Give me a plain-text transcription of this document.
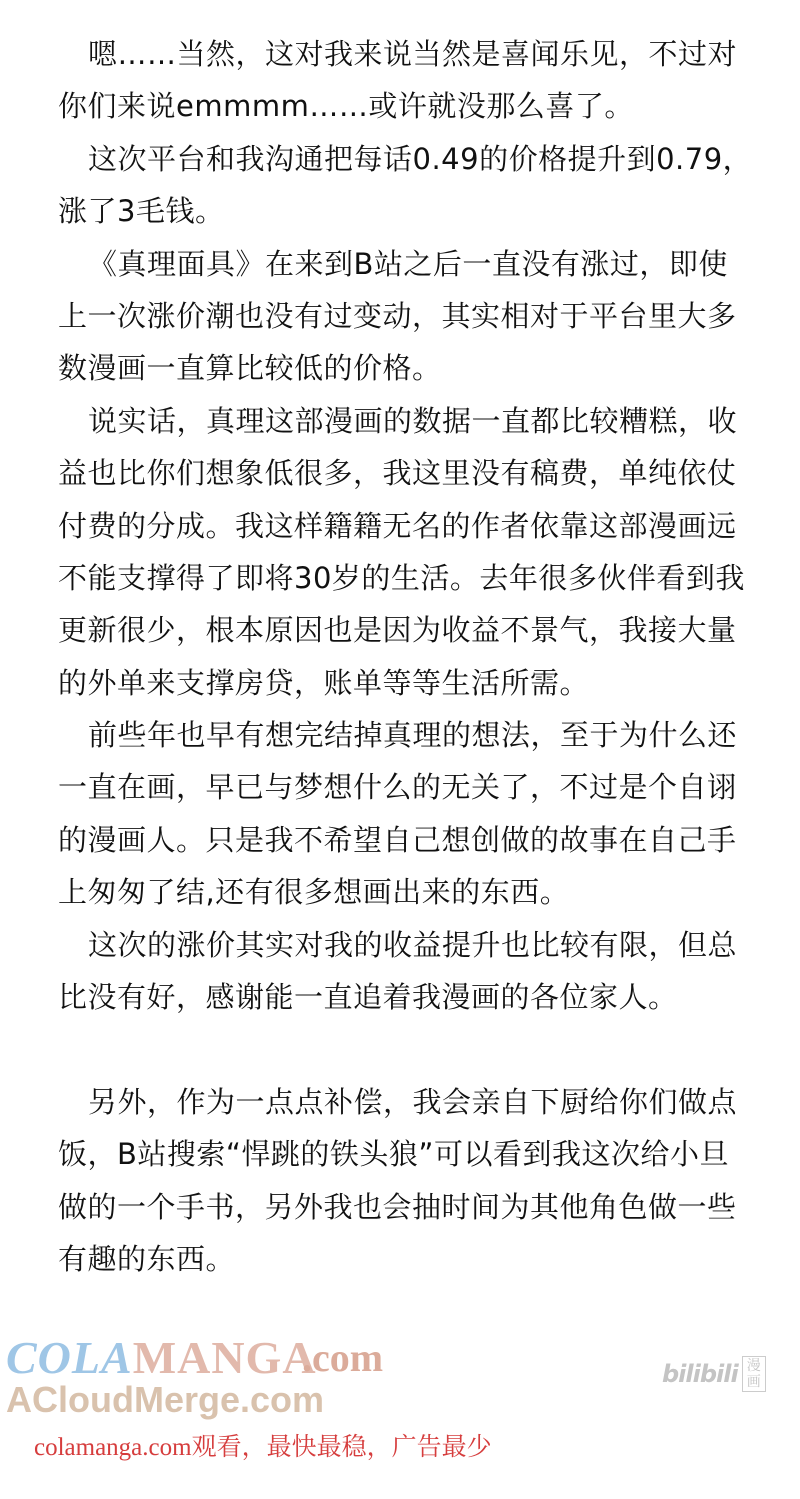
嗯……当然，这对我来说当然是喜闻乐见，不过对
你们来说emmmm……或许就没那么喜了。
这次平台和我沟通把每话0.49的价格提升到0.79，
涨了3毛钱。
《真理面具》在来到B站之后一直没有涨过，即使
上一次涨价潮也没有过变动，其实相对于平台里大多
数漫画一直算比较低的价格。
说实话，真理这部漫画的数据一直都比较糟糕，收
益也比你们想象低很多，我这里没有稿费，单纯依仗
付费的分成。我这样籍籍无名的作者依靠这部漫画远
不能支撑得了即将30岁的生活。去年很多伙伴看到我
更新很少，根本原因也是因为收益不景气，我接大量
的外单来支撑房贷，账单等等生活所需。
前些年也早有想完结掉真理的想法，至于为什么还
一直在画，早已与梦想什么的无关了，不过是个自诩
的漫画人。只是我不希望自己想创做的故事在自己手
上匆匆了结,还有很多想画出来的东西。
这次的涨价其实对我的收益提升也比较有限，但总
比没有好，感谢能一直追着我漫画的各位家人。
另外，作为一点点补偿，我会亲自下厨给你们做点
饭，B站搜索“悍跳的铁头狼”可以看到我这次给小旦
做的一个手书，另外我也会抽时间为其他角色做一些
有趣的东西。
COLAMANGA
.com
ACloudMerge.com
bilibili 漫画
colamanga.com观看，最快最稳，广告最少
